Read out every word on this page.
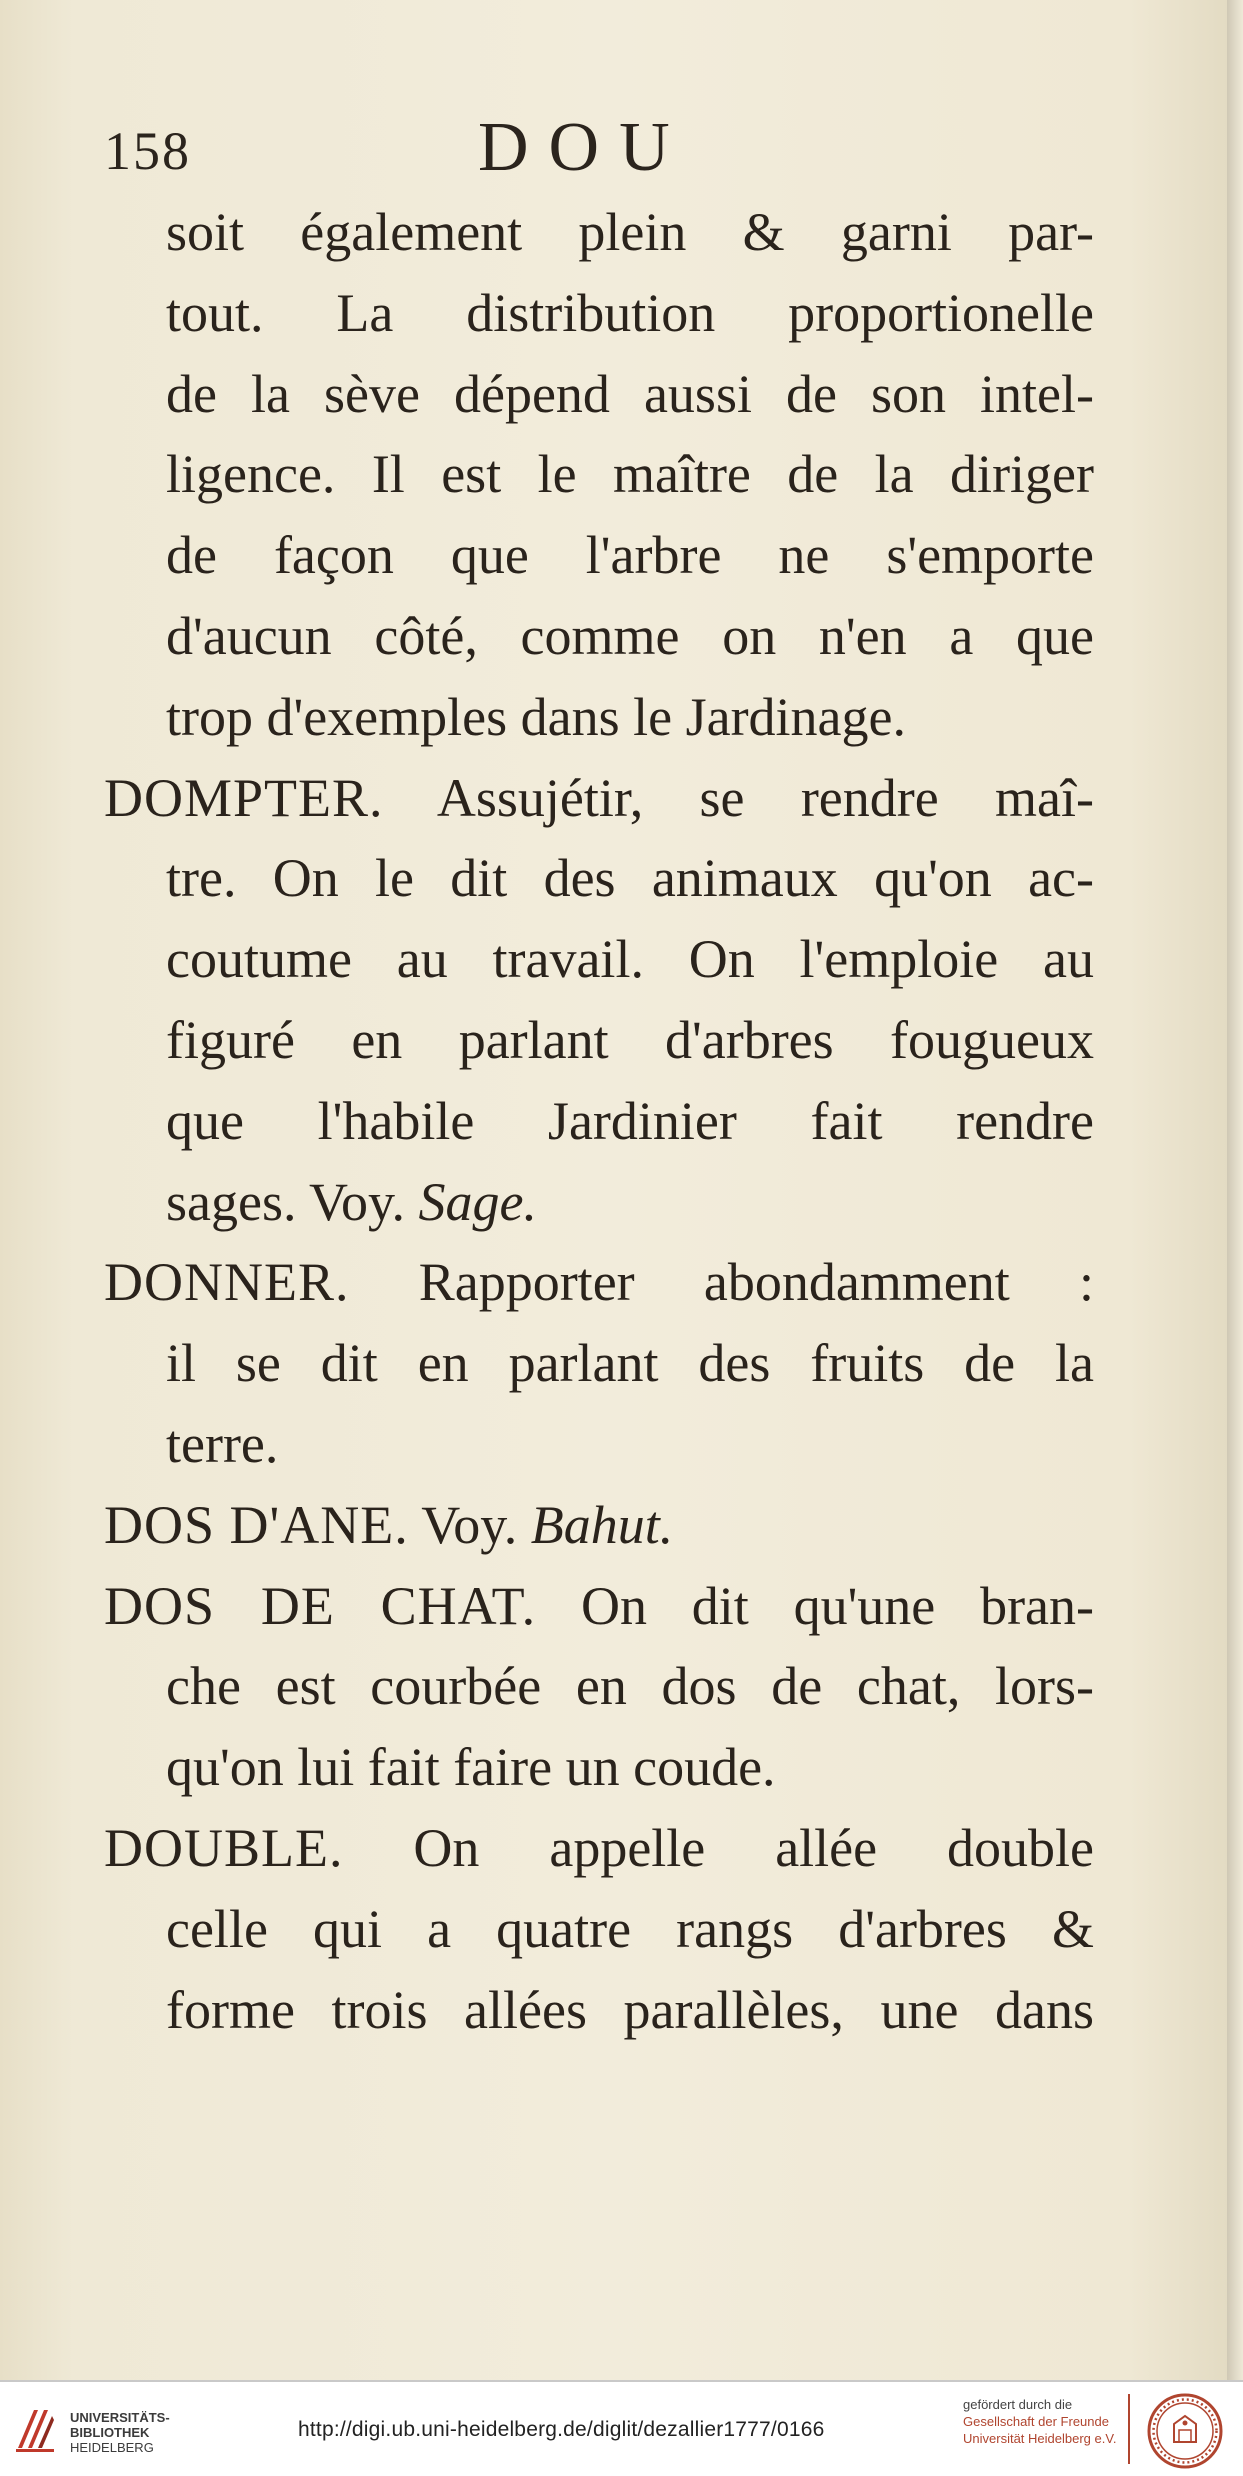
158	DOU
soit également plein & garni par-
tout. La distribution proportionelle
de la sève dépend aussi de son intel-
ligence. Il est le maître de la diriger
de façon que l'arbre ne s'emporte
d'aucun côté, comme on n'en a que
trop d'exemples dans le Jardinage.
DOMPTER. Assujétir, se rendre maî-
tre. On le dit des animaux qu'on ac-
coutume au travail. On l'emploie au
figuré en parlant d'arbres fougueux
que l'habile Jardinier fait rendre
sages. Voy. Sage.
DONNER. Rapporter abondamment :
il se dit en parlant des fruits de la
terre.
DOS D'ANE. Voy. Bahut.
DOS DE CHAT. On dit qu'une bran-
che est courbée en dos de chat, lors-
qu'on lui fait faire un coude.
DOUBLE. On appelle allée double
celle qui a quatre rangs d'arbres &
forme trois allées parallèles, une dans
UNIVERSITÄTS-
BIBLIOTHEK
HEIDELBERG
http://digi.ub.uni-heidelberg.de/diglit/dezallier1777/0166
gefördert durch die
Gesellschaft der Freunde
Universität Heidelberg e.V.
